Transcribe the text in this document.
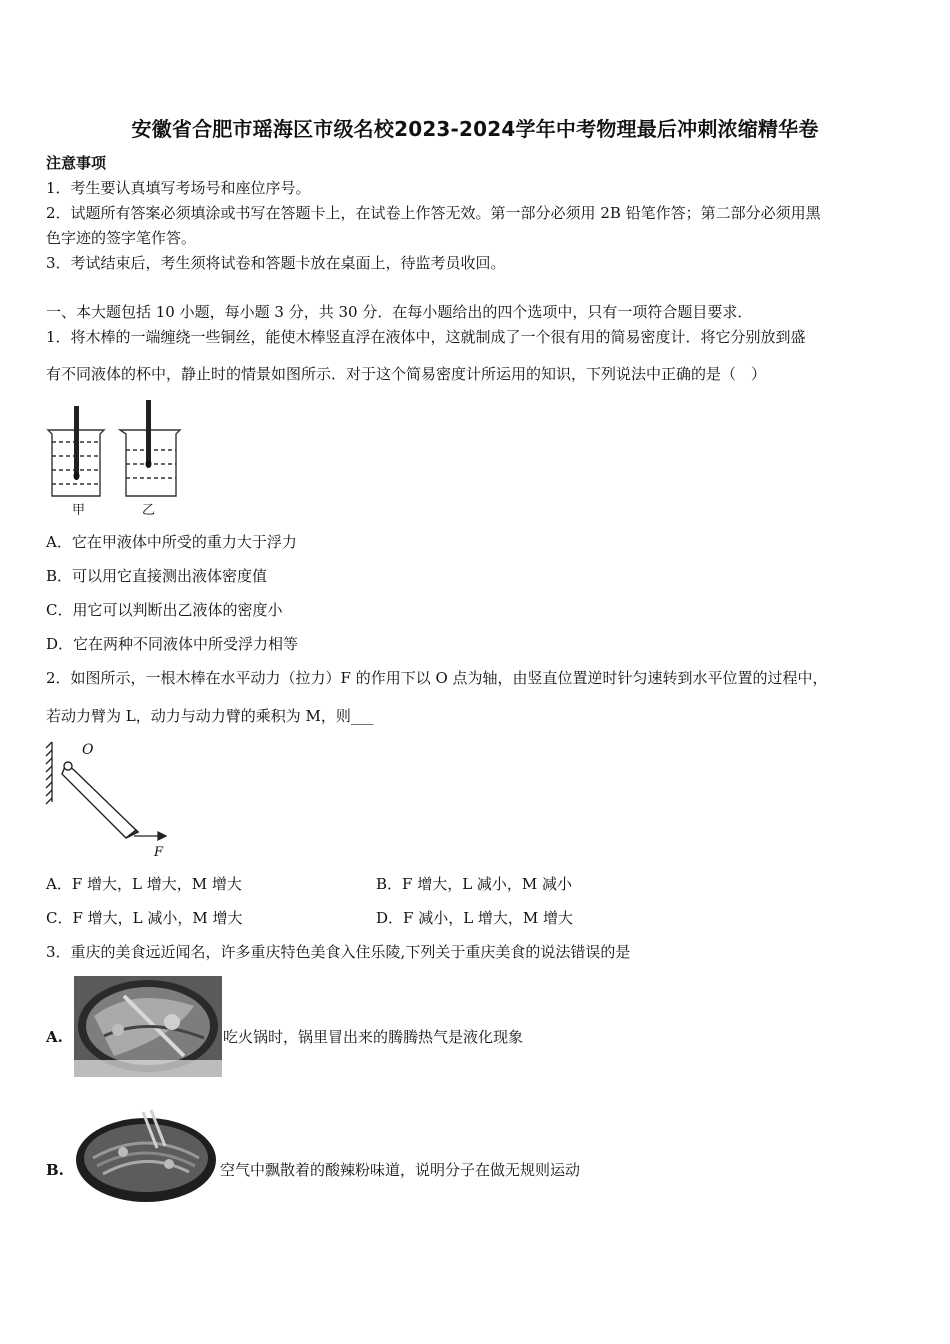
安徽省合肥市瑶海区市级名校2023-2024学年中考物理最后冲刺浓缩精华卷
注意事项
1．考生要认真填写考场号和座位序号。
2．试题所有答案必须填涂或书写在答题卡上，在试卷上作答无效。第一部分必须用 2B 铅笔作答；第二部分必须用黑
色字迹的签字笔作答。
3．考试结束后，考生须将试卷和答题卡放在桌面上，待监考员收回。
一、本大题包括 10 小题，每小题 3 分，共 30 分．在每小题给出的四个选项中，只有一项符合题目要求．
1．将木棒的一端缠绕一些铜丝，能使木棒竖直浮在液体中，这就制成了一个很有用的简易密度计．将它分别放到盛
有不同液体的杯中，静止时的情景如图所示．对于这个简易密度计所运用的知识，下列说法中正确的是（　）
甲	乙
A．它在甲液体中所受的重力大于浮力
B．可以用它直接测出液体密度值
C．用它可以判断出乙液体的密度小
D．它在两种不同液体中所受浮力相等
2．如图所示，一根木棒在水平动力（拉力）F 的作用下以 O 点为轴，由竖直位置逆时针匀速转到水平位置的过程中，
若动力臂为 L，动力与动力臂的乘积为 M，则___
O
F
A．F 增大，L 增大，M 增大	B．F 增大，L 减小，M 减小
C．F 增大，L 减小，M 增大	D．F 减小，L 增大，M 增大
3．重庆的美食远近闻名，许多重庆特色美食入住乐陵,下列关于重庆美食的说法错误的是
A.	吃火锅时，锅里冒出来的腾腾热气是液化现象
B.	空气中飘散着的酸辣粉味道，说明分子在做无规则运动
